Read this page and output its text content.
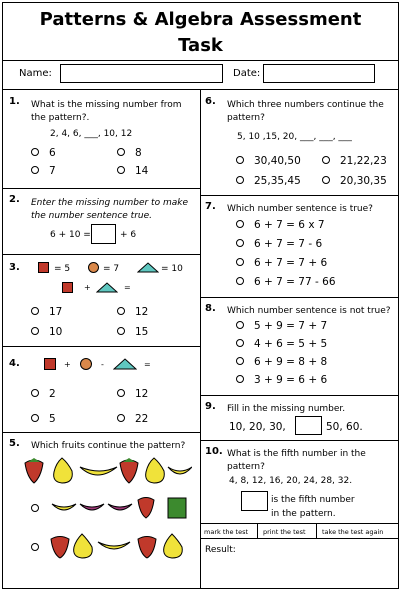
Patterns & Algebra Assessment
Task
Name:	Date:
1. What is the missing number from
the pattern?.
2, 4, 6, ___, 10, 12
6	8
7	14
2. Enter the missing number to make
the number sentence true.
6 + 10 =	+ 6
3.	= 5	= 7	= 10
+	=
17	12
10	15
4.	+	-	=
2	12
5	22
5. Which fruits continue the pattern?
6. Which three numbers continue the
pattern?
5, 10 ,15, 20, ___, ___, ___
30,40,50	21,22,23
25,35,45	20,30,35
7. Which number sentence is true?
6 + 7 = 6 x 7
6 + 7 = 7 - 6
6 + 7 = 7 + 6
6 + 7 = 77 - 66
8. Which number sentence is not true?
5 + 9 = 7 + 7
4 + 6 = 5 + 5
6 + 9 = 8 + 8
3 + 9 = 6 + 6
9. Fill in the missing number.
10, 20, 30,	50, 60.
10. What is the fifth number in the
pattern?
4, 8, 12, 16, 20, 24, 28, 32.
is the fifth number
in the pattern.
mark the test print the test	take the test again
Result:
